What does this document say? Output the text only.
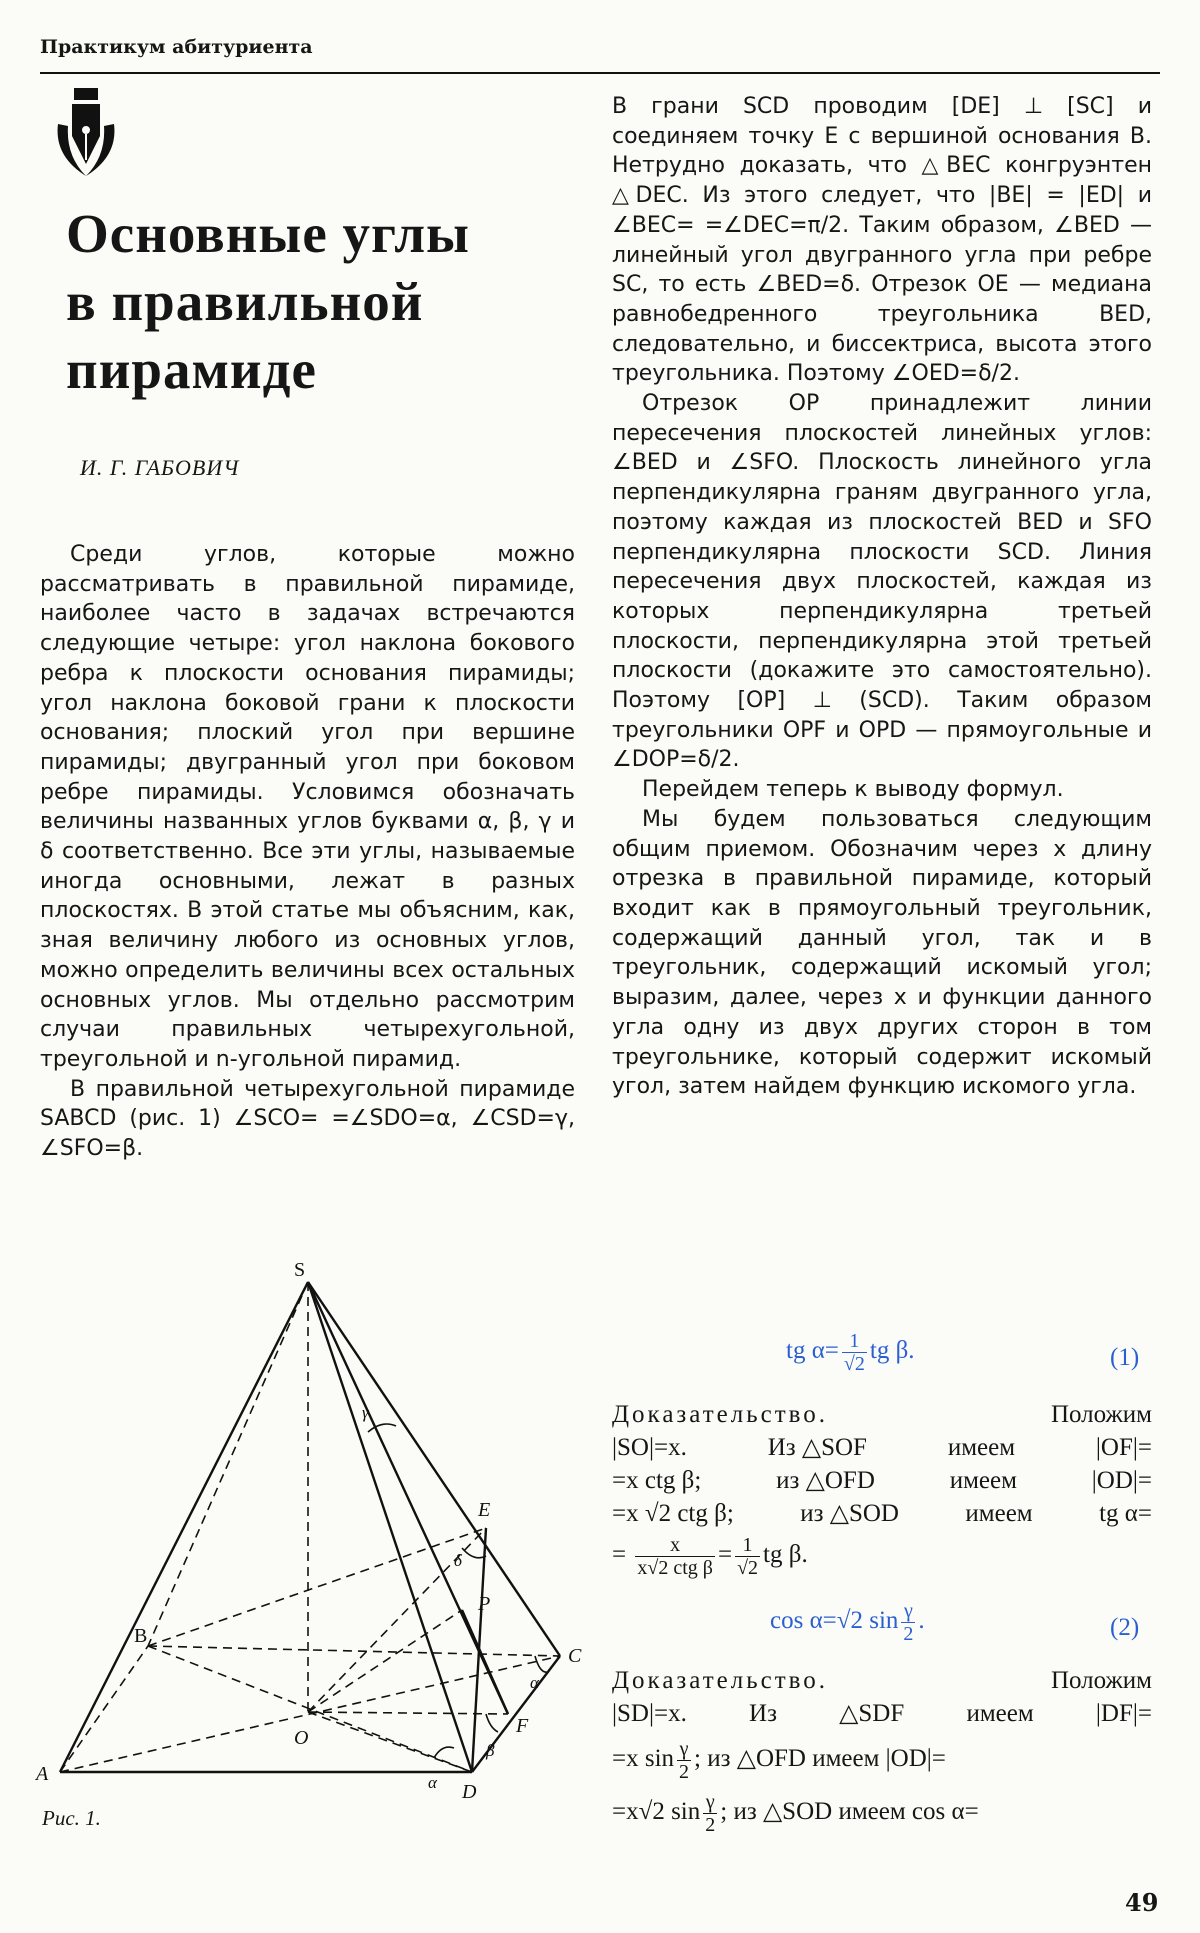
Практикум абитуриента
Основные углы
в правильной
пирамиде
И. Г. ГАБОВИЧ

Среди углов, которые можно рассматривать в правильной пирамиде, наиболее часто в задачах встречаются следующие четыре: угол наклона бокового ребра к плоскости основания пирамиды; угол наклона боковой грани к плоскости основания; плоский угол при вершине пирамиды; двугранный угол при боковом ребре пирамиды. Условимся обозначать величины названных углов буквами α, β, γ и δ соответственно. Все эти углы, называемые иногда основными, лежат в разных плоскостях. В этой статье мы объясним, как, зная величину любого из основных углов, можно определить величины всех остальных основных углов. Мы отдельно рассмотрим случаи правильных четырехугольной, треугольной и n-угольной пирамид.

В правильной четырехугольной пирамиде SABCD (рис. 1) ∠SCO= =∠SDO=α, ∠CSD=γ, ∠SFO=β.

В грани SCD проводим [DE] ⊥ [SC] и соединяем точку E с вершиной основания B. Нетрудно доказать, что △BEC конгруэнтен △DEC. Из этого следует, что |BE| = |ED| и ∠BEC= =∠DEC=π/2. Таким образом, ∠BED — линейный угол двугранного угла при ребре SC, то есть ∠BED=δ. Отрезок OE — медиана равнобедренного треугольника BED, следовательно, и биссектриса, высота этого треугольника. Поэтому ∠OED=δ/2.

Отрезок OP принадлежит линии пересечения плоскостей линейных углов: ∠BED и ∠SFO. Плоскость линейного угла перпендикулярна граням двугранного угла, поэтому каждая из плоскостей BED и SFO перпендикулярна плоскости SCD. Линия пересечения двух плоскостей, каждая из которых перпендикулярна третьей плоскости, перпендикулярна этой третьей плоскости (докажите это самостоятельно). Поэтому [OP] ⊥ (SCD). Таким образом треугольники OPF и OPD — прямоугольные и ∠DOP=δ/2.

Перейдем теперь к выводу формул.

Мы будем пользоваться следующим общим приемом. Обозначим через x длину отрезка в правильной пирамиде, который входит как в прямоугольный треугольник, содержащий данный угол, так и в треугольник, содержащий искомый угол; выразим, далее, через x и функции данного угла одну из двух других сторон в том треугольнике, который содержит искомый угол, затем найдем функцию искомого угла.

tg $\alpha= \frac{1}{√2}$ tg β.	(1)
Доказательство.	Положим
|SO|=x.	Из △SOF	имеем	|OF|=
=x ctg β;	из △OFD	имеем	|OD|=
=x √2 ctg β;	из △SOD	имеем	tg α=
= $\frac{x}{\text{x√2 ctg β}} = \frac{1}{√2}$ tg β.
cos α=√2 $\sin \frac{\gamma}{2}$ .	(2)
Доказательство.	Положим
|SD|=x. Из △SDF имеем |DF|=
=x $\sin \frac{\gamma}{2}$ ; из △OFD имеем |OD|=
=x√2 $\sin \frac{\gamma}{2}$ ; из △SOD имеем cos α=
S
A
B
C
D
E
F
O
P
γ
δ
α
β
α
Рис. 1.
49
